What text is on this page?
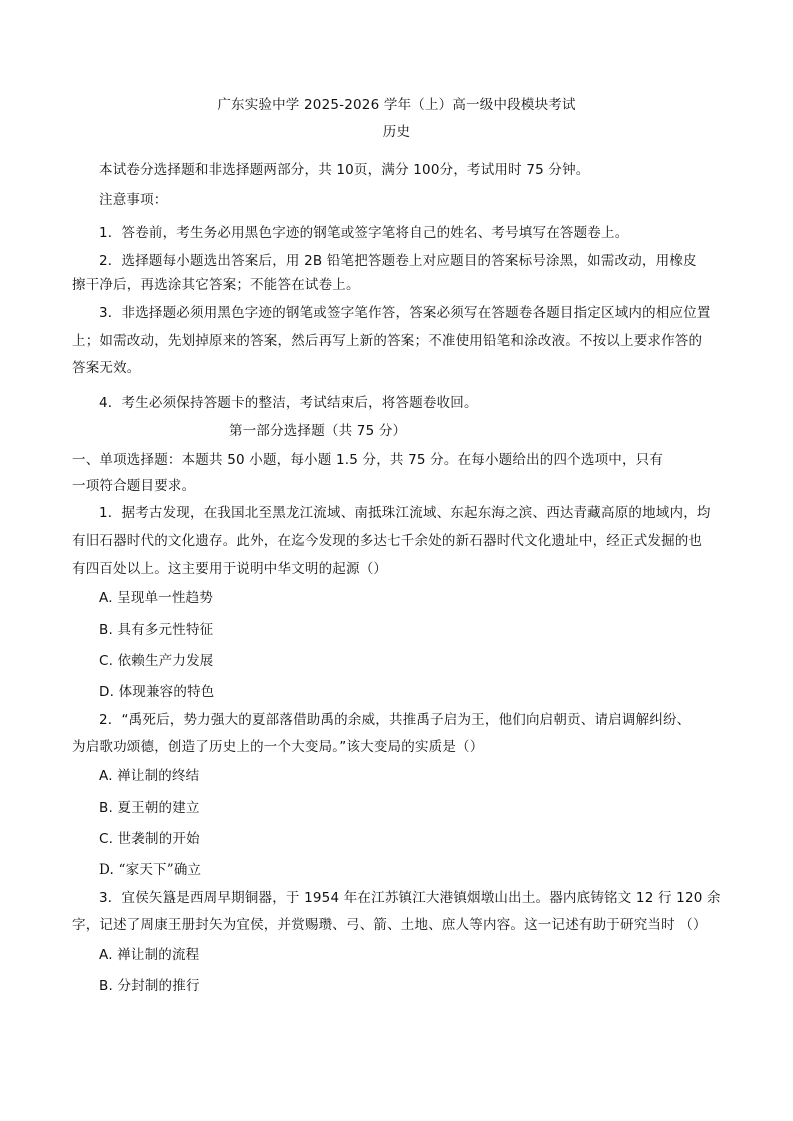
广东实验中学 2025-2026 学年（上）高一级中段模块考试
历史
本试卷分选择题和非选择题两部分，共 10页，满分 100分，考试用时 75 分钟。
注意事项：
1．答卷前，考生务必用黑色字迹的钢笔或签字笔将自己的姓名、考号填写在答题卷上。
2．选择题每小题选出答案后，用 2B 铅笔把答题卷上对应题目的答案标号涂黑，如需改动，用橡皮
擦干净后，再选涂其它答案；不能答在试卷上。
3．非选择题必须用黑色字迹的钢笔或签字笔作答，答案必须写在答题卷各题目指定区域内的相应位置
上；如需改动，先划掉原来的答案，然后再写上新的答案；不准使用铅笔和涂改液。不按以上要求作答的
答案无效。
4．考生必须保持答题卡的整洁，考试结束后，将答题卷收回。
第一部分选择题（共 75 分）
一、单项选择题：本题共 50 小题，每小题 1.5 分，共 75 分。在每小题给出的四个选项中，只有
一项符合题目要求。
1．据考古发现，在我国北至黑龙江流域、南抵珠江流域、东起东海之滨、西达青藏高原的地域内，均
有旧石器时代的文化遗存。此外，在迄今发现的多达七千余处的新石器时代文化遗址中，经正式发掘的也
有四百处以上。这主要用于说明中华文明的起源（）
A. 呈现单一性趋势
B. 具有多元性特征
C. 依赖生产力发展
D. 体现兼容的特色
2．“禹死后，势力强大的夏部落借助禹的余威，共推禹子启为王，他们向启朝贡、请启调解纠纷、
为启歌功颂德，创造了历史上的一个大变局。”该大变局的实质是（）
A. 禅让制的终结
B. 夏王朝的建立
C. 世袭制的开始
D. “家天下”确立
3．宜侯矢簋是西周早期铜器，于 1954 年在江苏镇江大港镇烟墩山出土。器内底铸铭文 12 行 120 余
字，记述了周康王册封矢为宜侯，并赏赐瓒、弓、箭、土地、庶人等内容。这一记述有助于研究当时 （）
A. 禅让制的流程
B. 分封制的推行
